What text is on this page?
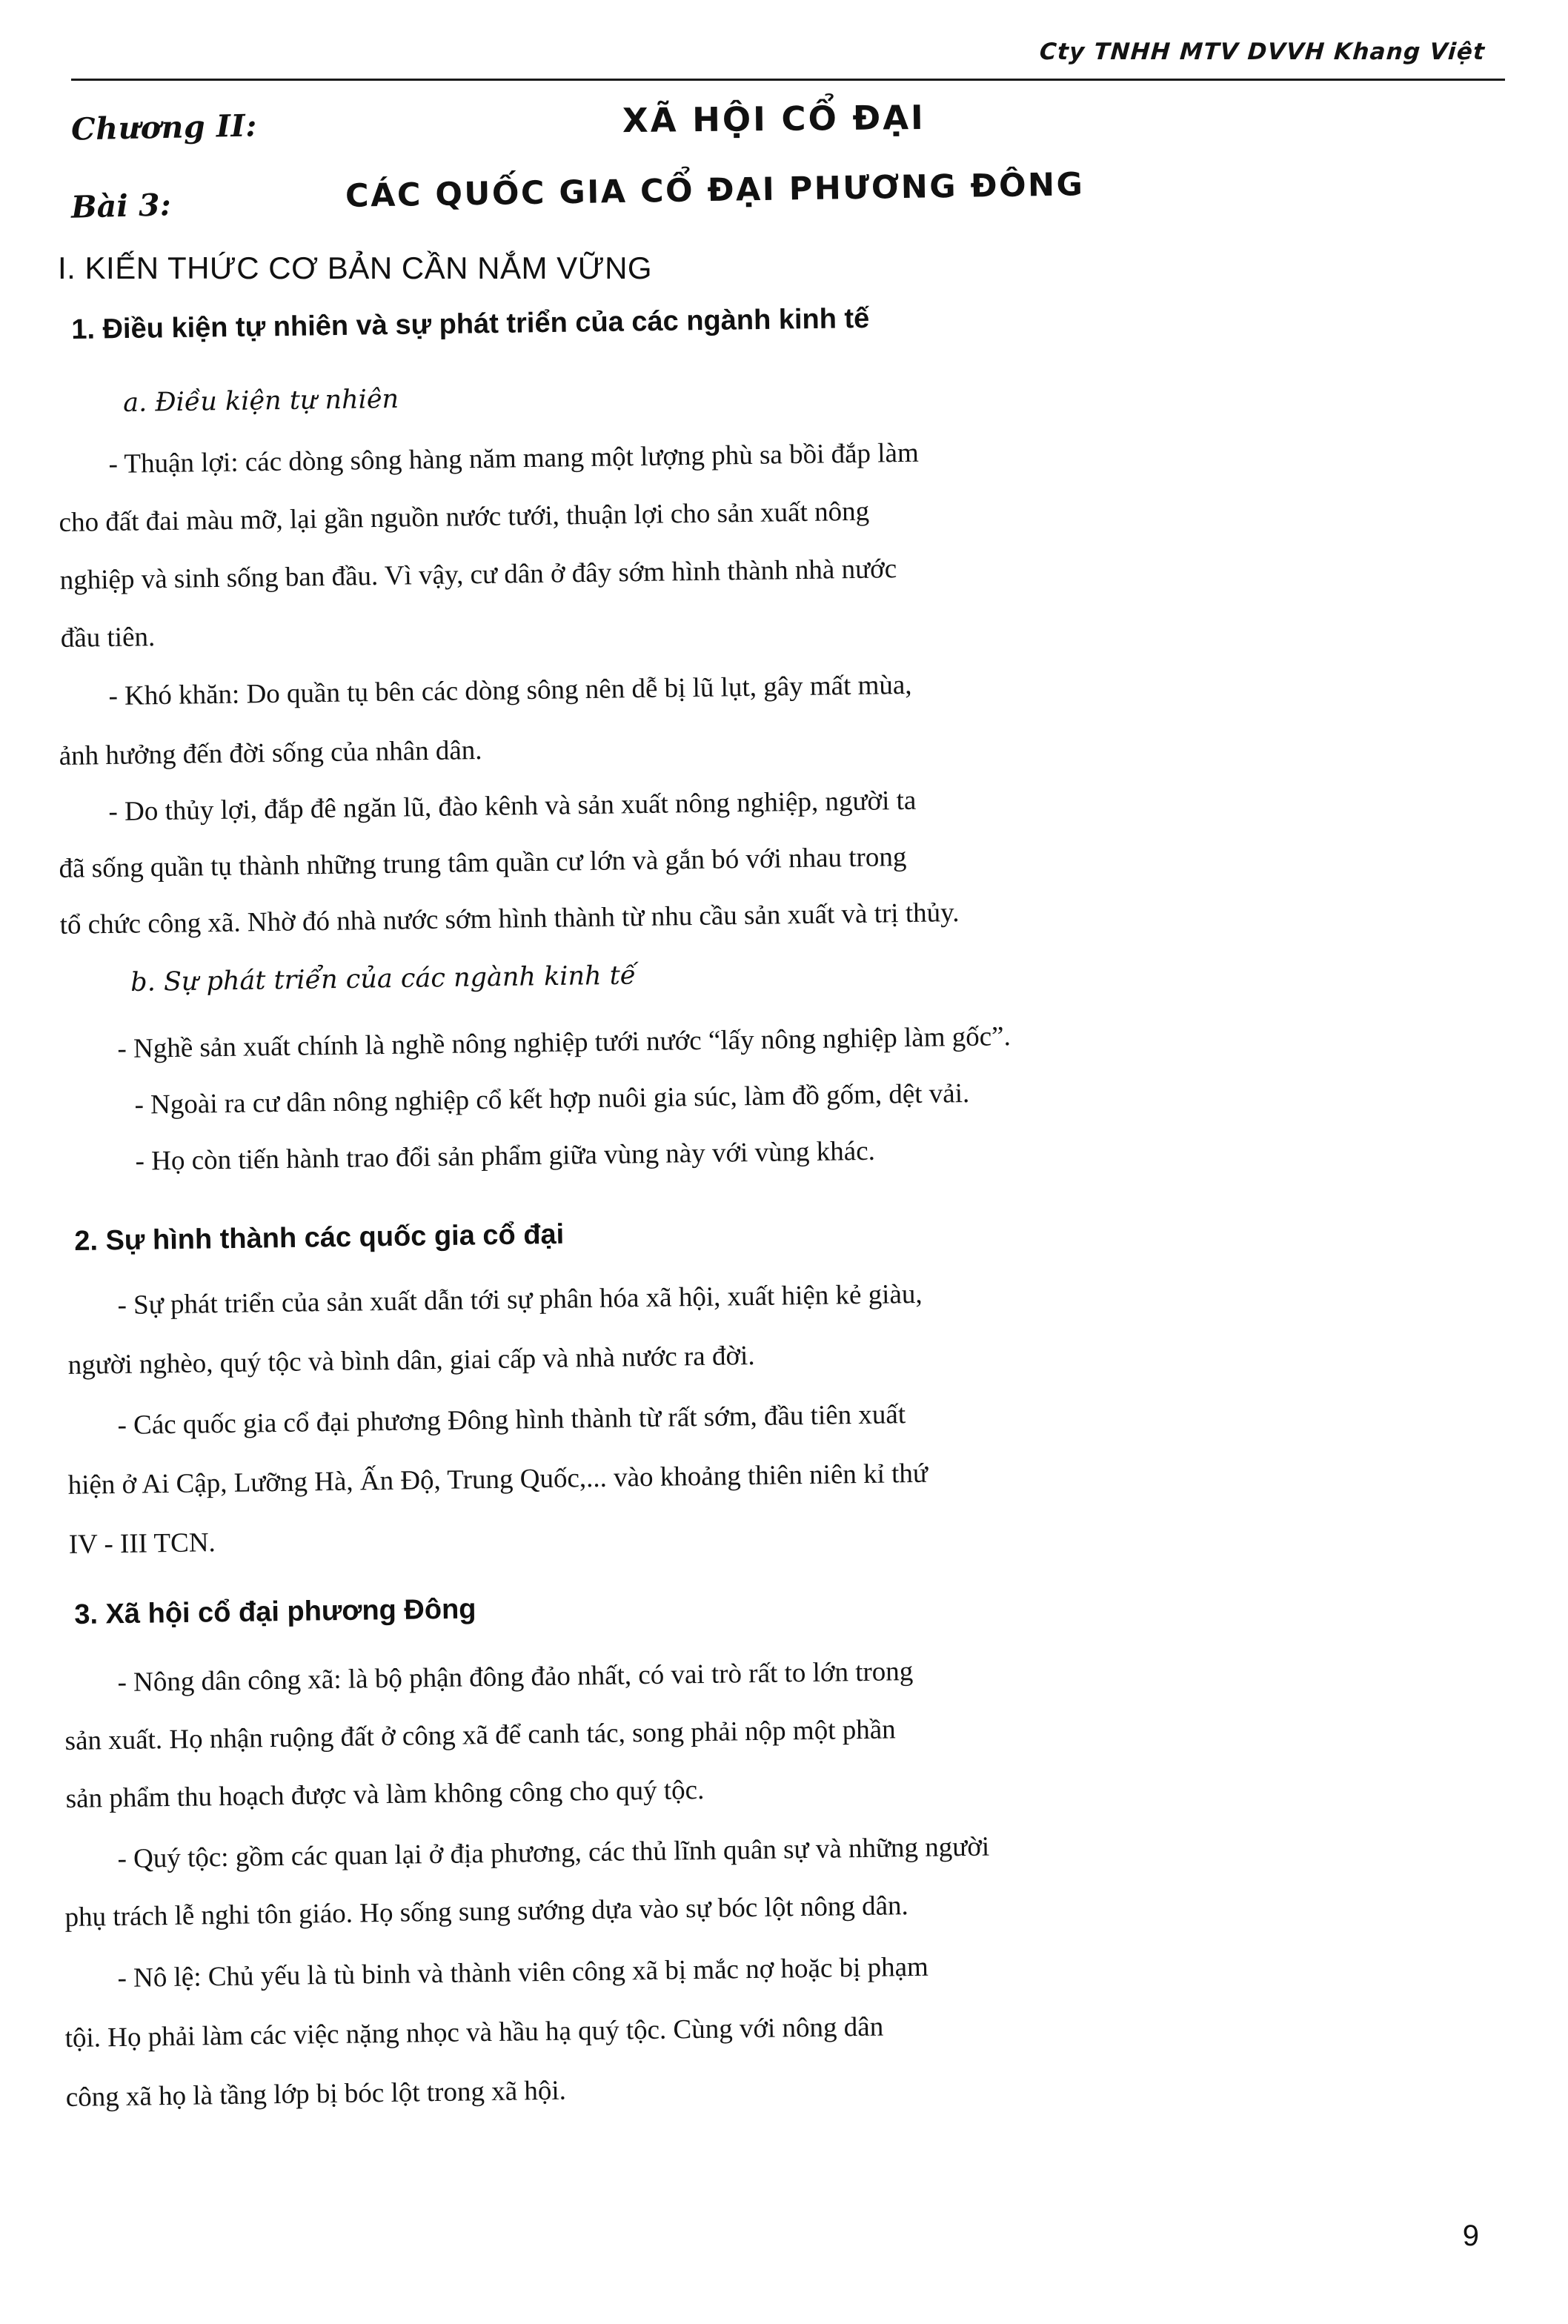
Cty TNHH MTV DVVH Khang Việt
Chương II:	XÃ HỘI CỔ ĐẠI
Bài 3:	CÁC QUỐC GIA CỔ ĐẠI PHƯƠNG ĐÔNG
I. KIẾN THỨC CƠ BẢN CẦN NẮM VỮNG
1. Điều kiện tự nhiên và sự phát triển của các ngành kinh tế
a. Điều kiện tự nhiên
- Thuận lợi: các dòng sông hàng năm mang một lượng phù sa bồi đắp làm
cho đất đai màu mỡ, lại gần nguồn nước tưới, thuận lợi cho sản xuất nông
nghiệp và sinh sống ban đầu. Vì vậy, cư dân ở đây sớm hình thành nhà nước
đầu tiên.
- Khó khăn: Do quần tụ bên các dòng sông nên dễ bị lũ lụt, gây mất mùa,
ảnh hưởng đến đời sống của nhân dân.
- Do thủy lợi, đắp đê ngăn lũ, đào kênh và sản xuất nông nghiệp, người ta
đã sống quần tụ thành những trung tâm quần cư lớn và gắn bó với nhau trong
tổ chức công xã. Nhờ đó nhà nước sớm hình thành từ nhu cầu sản xuất và trị thủy.
b. Sự phát triển của các ngành kinh tế
- Nghề sản xuất chính là nghề nông nghiệp tưới nước “lấy nông nghiệp làm gốc”.
- Ngoài ra cư dân nông nghiệp cổ kết hợp nuôi gia súc, làm đồ gốm, dệt vải.
- Họ còn tiến hành trao đổi sản phẩm giữa vùng này với vùng khác.
2. Sự hình thành các quốc gia cổ đại
- Sự phát triển của sản xuất dẫn tới sự phân hóa xã hội, xuất hiện kẻ giàu,
người nghèo, quý tộc và bình dân, giai cấp và nhà nước ra đời.
- Các quốc gia cổ đại phương Đông hình thành từ rất sớm, đầu tiên xuất
hiện ở Ai Cập, Lưỡng Hà, Ấn Độ, Trung Quốc,... vào khoảng thiên niên kỉ thứ
IV - III TCN.
3. Xã hội cổ đại phương Đông
- Nông dân công xã: là bộ phận đông đảo nhất, có vai trò rất to lớn trong
sản xuất. Họ nhận ruộng đất ở công xã để canh tác, song phải nộp một phần
sản phẩm thu hoạch được và làm không công cho quý tộc.
- Quý tộc: gồm các quan lại ở địa phương, các thủ lĩnh quân sự và những người
phụ trách lễ nghi tôn giáo. Họ sống sung sướng dựa vào sự bóc lột nông dân.
- Nô lệ: Chủ yếu là tù binh và thành viên công xã bị mắc nợ hoặc bị phạm
tội. Họ phải làm các việc nặng nhọc và hầu hạ quý tộc. Cùng với nông dân
công xã họ là tầng lớp bị bóc lột trong xã hội.
9
